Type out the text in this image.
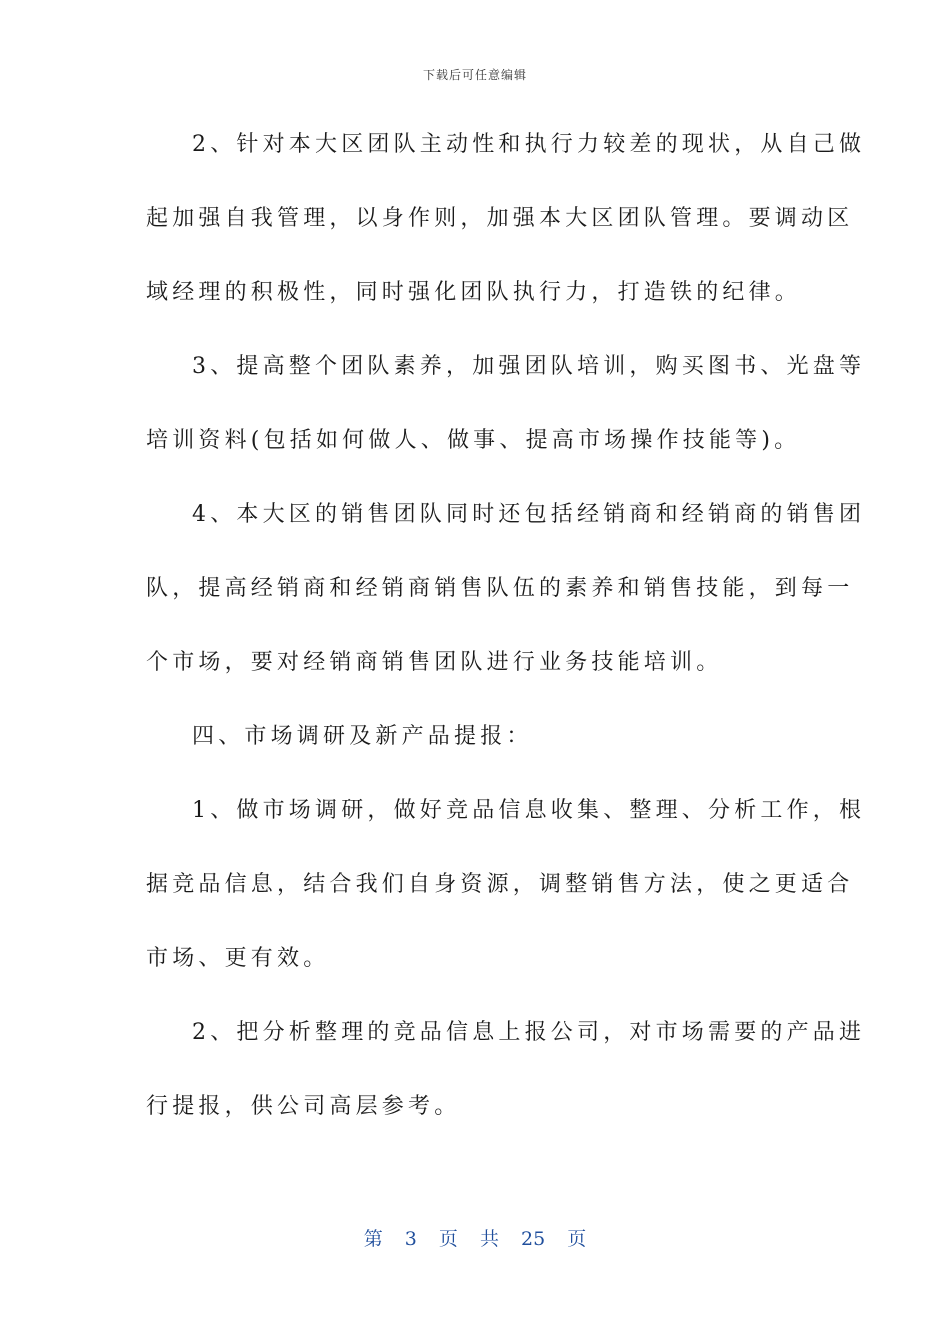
下载后可任意编辑
2、针对本大区团队主动性和执行力较差的现状，从自己做
起加强自我管理，以身作则，加强本大区团队管理。要调动区
域经理的积极性，同时强化团队执行力，打造铁的纪律。
3、提高整个团队素养，加强团队培训，购买图书、光盘等
培训资料(包括如何做人、做事、提高市场操作技能等)。
4、本大区的销售团队同时还包括经销商和经销商的销售团
队，提高经销商和经销商销售队伍的素养和销售技能，到每一
个市场，要对经销商销售团队进行业务技能培训。
四、市场调研及新产品提报：
1、做市场调研，做好竞品信息收集、整理、分析工作，根
据竞品信息，结合我们自身资源，调整销售方法，使之更适合
市场、更有效。
2、把分析整理的竞品信息上报公司，对市场需要的产品进
行提报，供公司高层参考。
第 3 页 共 25 页
